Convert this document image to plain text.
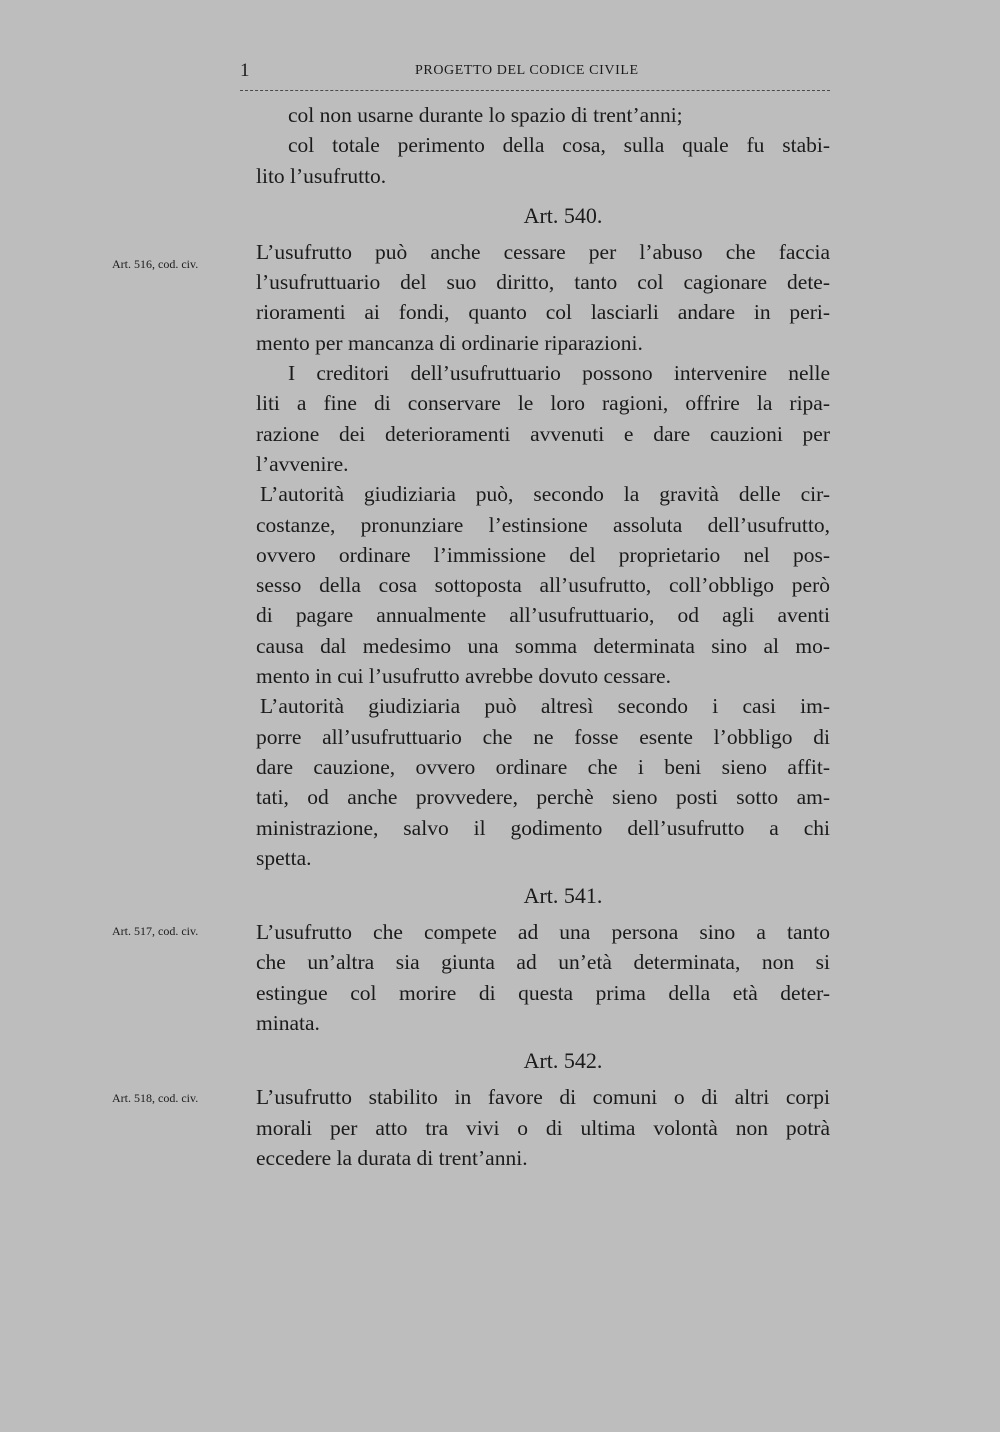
1	PROGETTO DEL CODICE CIVILE
Art. 516, cod. civ.
Art. 517, cod. civ.
Art. 518, cod. civ.
col non usarne durante lo spazio di trent’anni;
col totale perimento della cosa, sulla quale fu stabi-
lito l’usufrutto.
Art. 540.
L’usufrutto può anche cessare per l’abuso che faccia
l’usufruttuario del suo diritto, tanto col cagionare dete-
rioramenti ai fondi, quanto col lasciarli andare in peri-
mento per mancanza di ordinarie riparazioni.
I creditori dell’usufruttuario possono intervenire nelle
liti a fine di conservare le loro ragioni, offrire la ripa-
razione dei deterioramenti avvenuti e dare cauzioni per
l’avvenire.
L’autorità giudiziaria può, secondo la gravità delle cir-
costanze, pronunziare l’estinsione assoluta dell’usufrutto,
ovvero ordinare l’immissione del proprietario nel pos-
sesso della cosa sottoposta all’usufrutto, coll’obbligo però
di pagare annualmente all’usufruttuario, od agli aventi
causa dal medesimo una somma determinata sino al mo-
mento in cui l’usufrutto avrebbe dovuto cessare.
L’autorità giudiziaria può altresì secondo i casi im-
porre all’usufruttuario che ne fosse esente l’obbligo di
dare cauzione, ovvero ordinare che i beni sieno affit-
tati, od anche provvedere, perchè sieno posti sotto am-
ministrazione, salvo il godimento dell’usufrutto a chi
spetta.
Art. 541.
L’usufrutto che compete ad una persona sino a tanto
che un’altra sia giunta ad un’età determinata, non si
estingue col morire di questa prima della età deter-
minata.
Art. 542.
L’usufrutto stabilito in favore di comuni o di altri corpi
morali per atto tra vivi o di ultima volontà non potrà
eccedere la durata di trent’anni.
